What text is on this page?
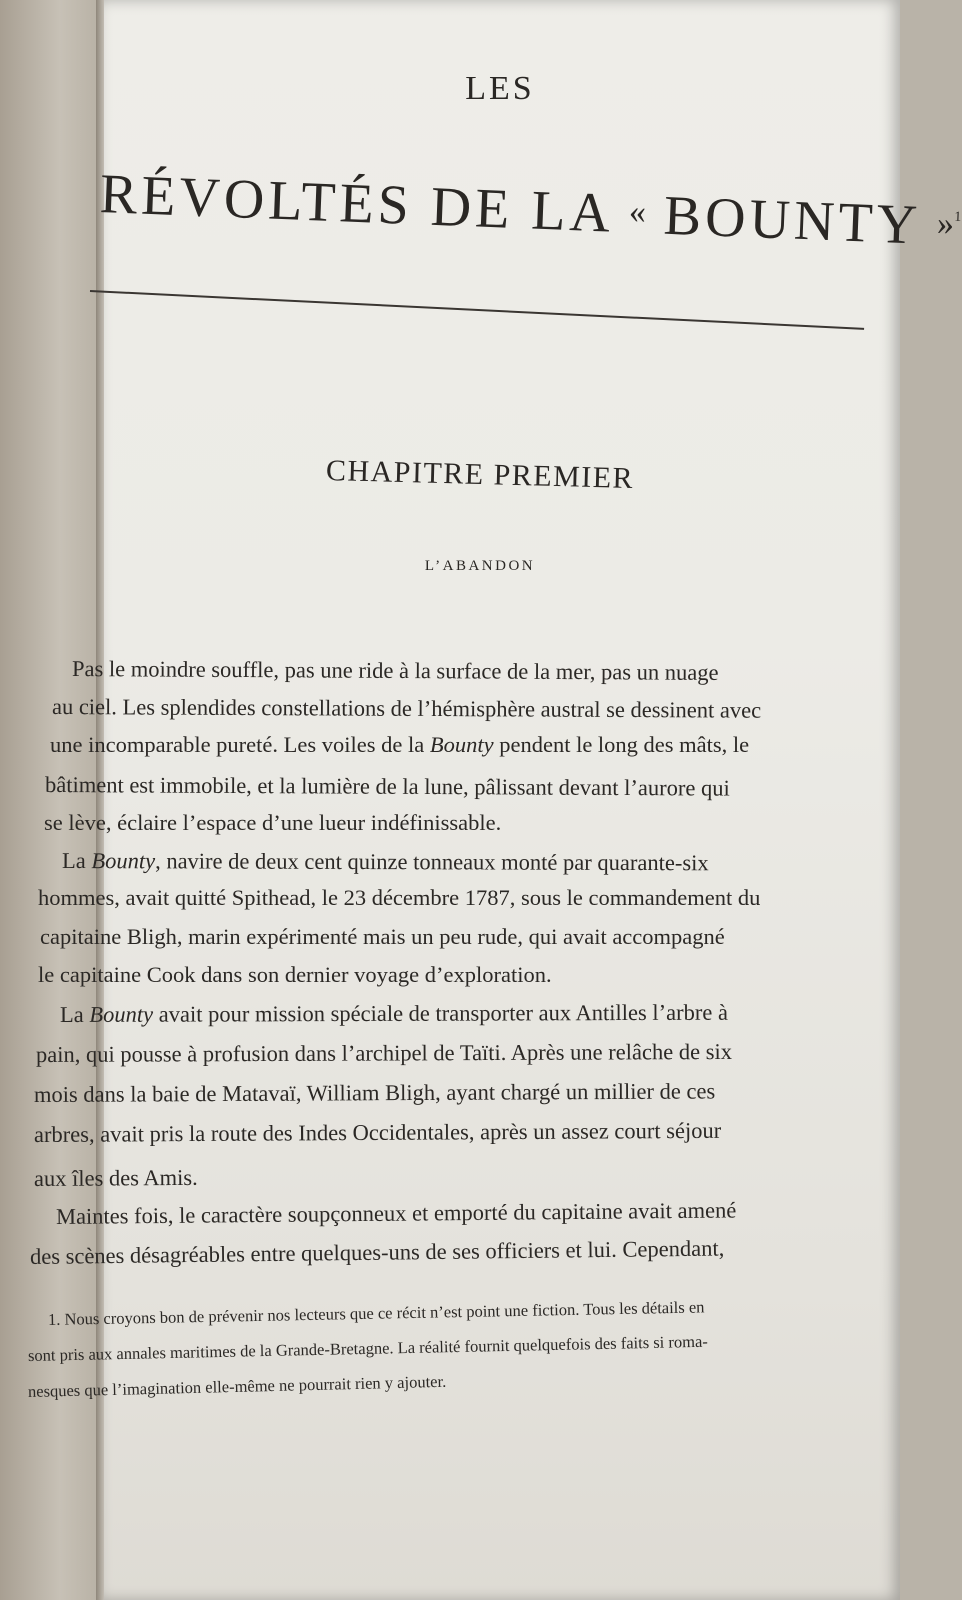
LES
RÉVOLTÉS DE LA « BOUNTY »$^1$
CHAPITRE PREMIER
L’ABANDON
Pas le moindre souffle, pas une ride à la surface de la mer, pas un nuage
au ciel. Les splendides constellations de l’hémisphère austral se dessinent avec
une incomparable pureté. Les voiles de la Bounty pendent le long des mâts, le
bâtiment est immobile, et la lumière de la lune, pâlissant devant l’aurore qui
se lève, éclaire l’espace d’une lueur indéfinissable.
La Bounty, navire de deux cent quinze tonneaux monté par quarante-six
hommes, avait quitté Spithead, le 23 décembre 1787, sous le commandement du
capitaine Bligh, marin expérimenté mais un peu rude, qui avait accompagné
le capitaine Cook dans son dernier voyage d’exploration.
La Bounty avait pour mission spéciale de transporter aux Antilles l’arbre à
pain, qui pousse à profusion dans l’archipel de Taïti. Après une relâche de six
mois dans la baie de Matavaï, William Bligh, ayant chargé un millier de ces
arbres, avait pris la route des Indes Occidentales, après un assez court séjour
aux îles des Amis.
Maintes fois, le caractère soupçonneux et emporté du capitaine avait amené
des scènes désagréables entre quelques-uns de ses officiers et lui. Cependant,
1. Nous croyons bon de prévenir nos lecteurs que ce récit n’est point une fiction. Tous les détails en
sont pris aux annales maritimes de la Grande-Bretagne. La réalité fournit quelquefois des faits si roma-
nesques que l’imagination elle-même ne pourrait rien y ajouter.
